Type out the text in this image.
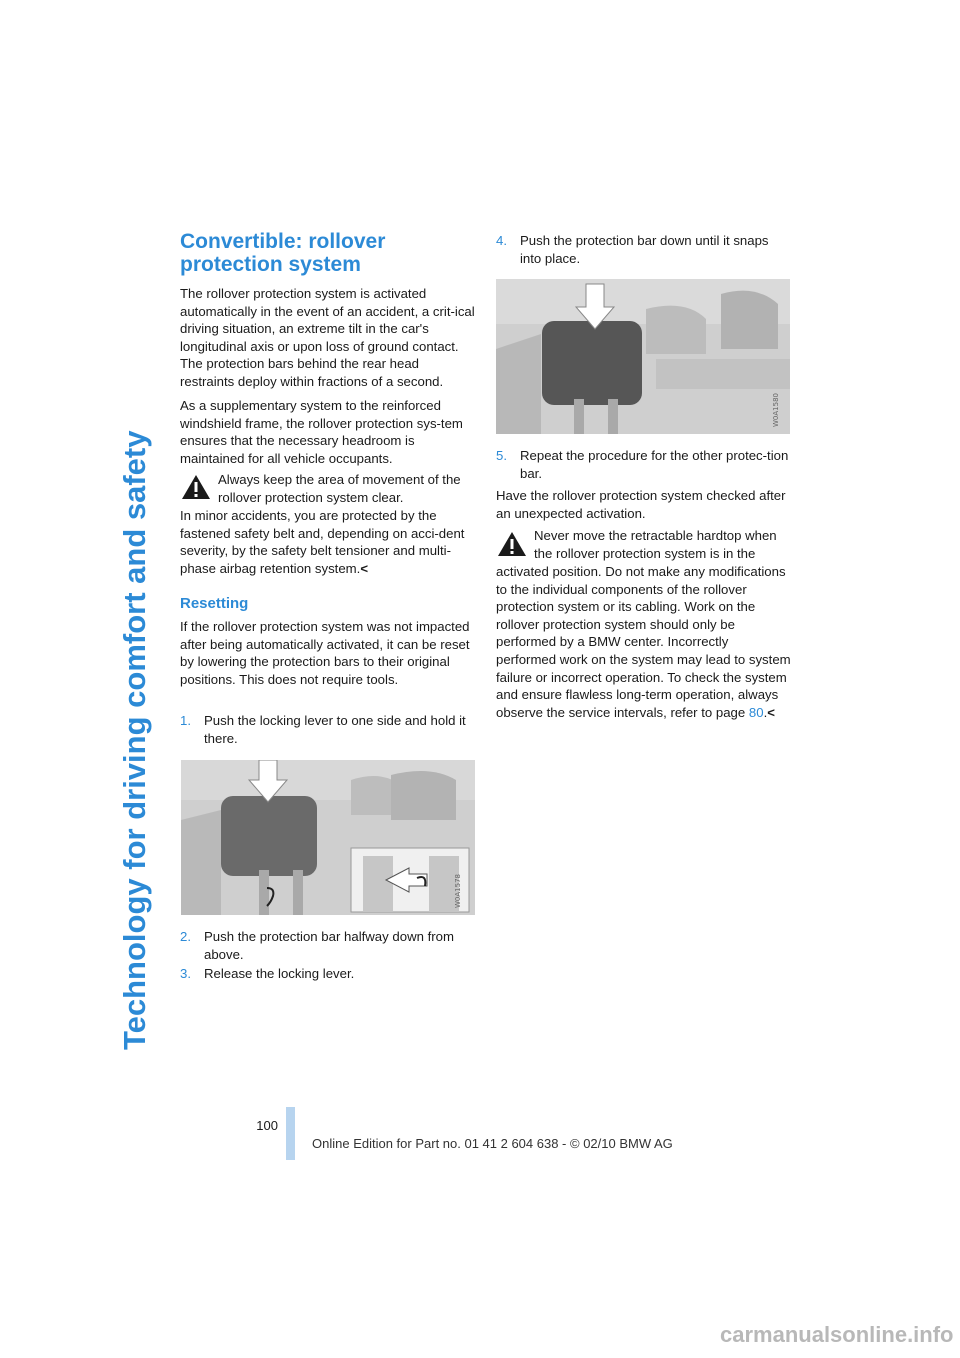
Technology for driving comfort and safety
Convertible: rollover
protection system

The rollover protection system is activated automatically in the event of an accident, a crit-ical driving situation, an extreme tilt in the car's longitudinal axis or upon loss of ground contact. The protection bars behind the rear head restraints deploy within fractions of a second.

As a supplementary system to the reinforced windshield frame, the rollover protection sys-tem ensures that the necessary headroom is maintained for all vehicle occupants.

Always keep the area of movement of the
rollover protection system clear.

In minor accidents, you are protected by the fastened safety belt and, depending on acci-dent severity, by the safety belt tensioner and multi-phase airbag retention system.<

Resetting

If the rollover protection system was not impacted after being automatically activated, it can be reset by lowering the protection bars to their original positions. This does not require tools.

1. Push the locking lever to one side and hold it there.
W0A1578
2. Push the protection bar halfway down from above.
3. Release the locking lever.
4. Push the protection bar down until it snaps into place.
W0A1580
5. Repeat the procedure for the other protec-tion bar.

Have the rollover protection system checked after an unexpected activation.

Never move the retractable hardtop when
the rollover protection system is in the

activated position. Do not make any modifications to the individual components of the rollover protection system or its cabling. Work on the rollover protection system should only be performed by a BMW center. Incorrectly performed work on the system may lead to system failure or incorrect operation. To check the system and ensure flawless long-term operation, always observe the service intervals, refer to page 80.<

100
Online Edition for Part no. 01 41 2 604 638 - © 02/10 BMW AG
carmanualsonline.info
